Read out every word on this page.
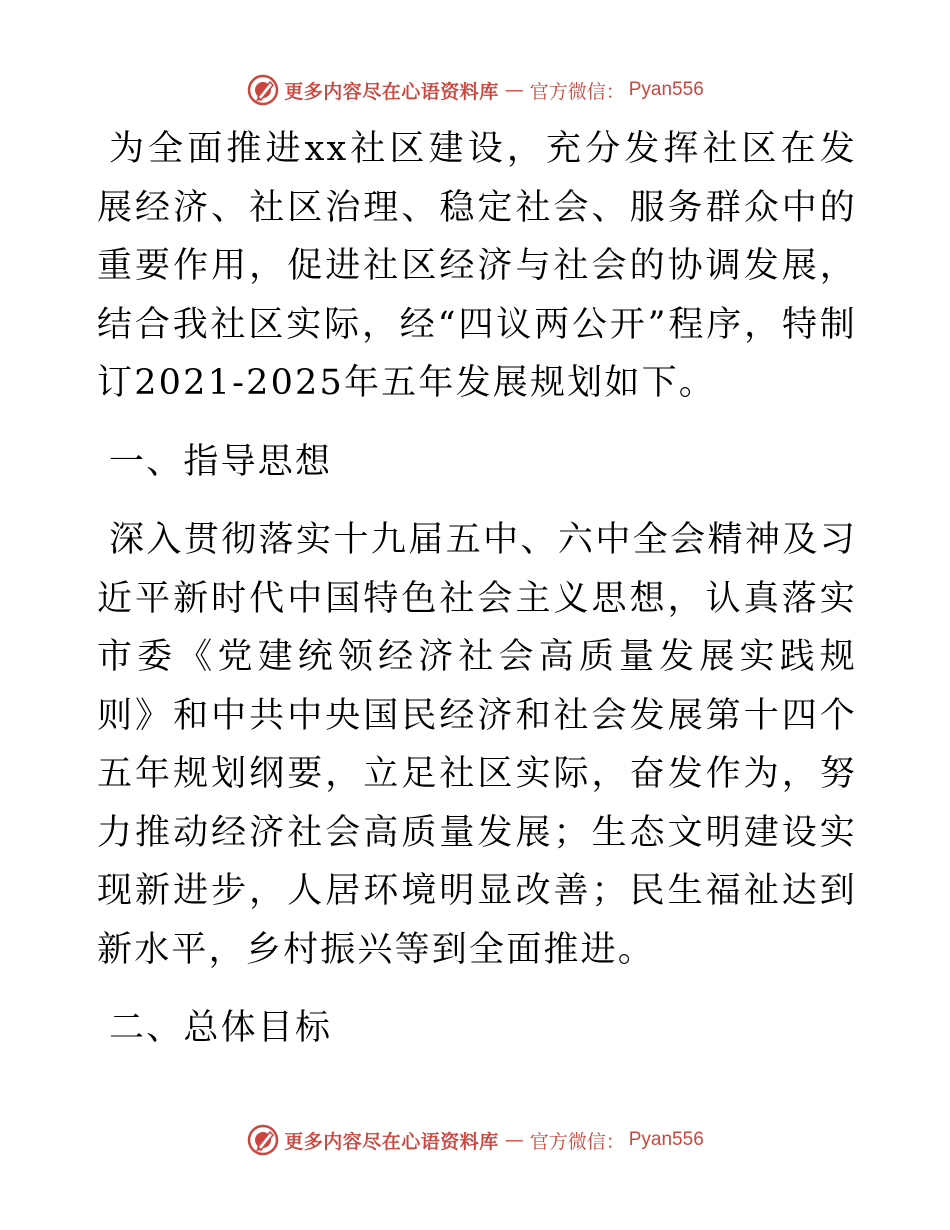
更多内容尽在心语资料库 — 官方微信： Pyan556

为全面推进xx社区建设，充分发挥社区在发展经济、社区治理、稳定社会、服务群众中的重要作用，促进社区经济与社会的协调发展，结合我社区实际，经“四议两公开”程序，特制订2021-2025年五年发展规划如下。

一、指导思想

深入贯彻落实十九届五中、六中全会精神及习近平新时代中国特色社会主义思想，认真落实市委《党建统领经济社会高质量发展实践规则》和中共中央国民经济和社会发展第十四个五年规划纲要，立足社区实际，奋发作为，努力推动经济社会高质量发展；生态文明建设实现新进步，人居环境明显改善；民生福祉达到新水平，乡村振兴等到全面推进。

二、总体目标

更多内容尽在心语资料库 — 官方微信： Pyan556
